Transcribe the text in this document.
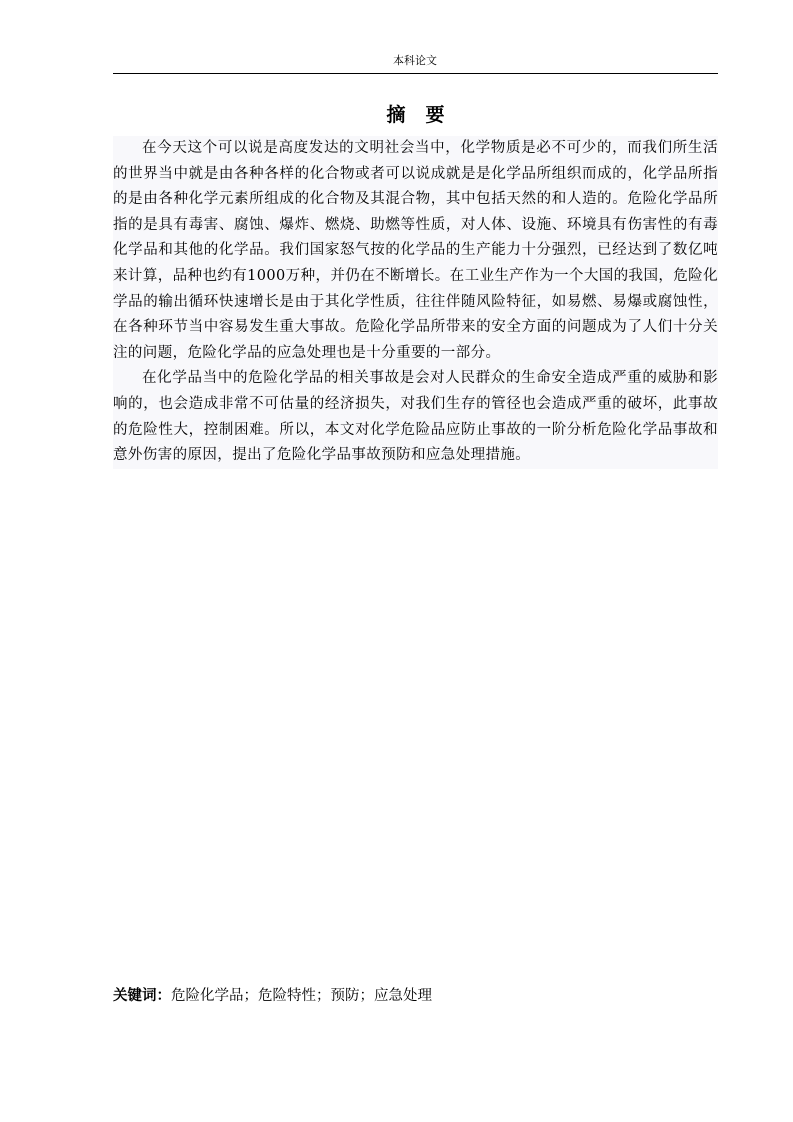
本科论文
摘要

在今天这个可以说是高度发达的文明社会当中，化学物质是必不可少的，而我们所生活的世界当中就是由各种各样的化合物或者可以说成就是是化学品所组织而成的，化学品所指的是由各种化学元素所组成的化合物及其混合物，其中包括天然的和人造的。危险化学品所指的是具有毒害、腐蚀、爆炸、燃烧、助燃等性质，对人体、设施、环境具有伤害性的有毒化学品和其他的化学品。我们国家怒气按的化学品的生产能力十分强烈，已经达到了数亿吨来计算，品种也约有1000万种，并仍在不断增长。在工业生产作为一个大国的我国，危险化学品的输出循环快速增长是由于其化学性质，往往伴随风险特征，如易燃、易爆或腐蚀性，在各种环节当中容易发生重大事故。危险化学品所带来的安全方面的问题成为了人们十分关注的问题，危险化学品的应急处理也是十分重要的一部分。

在化学品当中的危险化学品的相关事故是会对人民群众的生命安全造成严重的威胁和影响的，也会造成非常不可估量的经济损失，对我们生存的管径也会造成严重的破坏，此事故的危险性大，控制困难。所以，本文对化学危险品应防止事故的一阶分析危险化学品事故和意外伤害的原因，提出了危险化学品事故预防和应急处理措施。

关键词：危险化学品；危险特性；预防；应急处理
